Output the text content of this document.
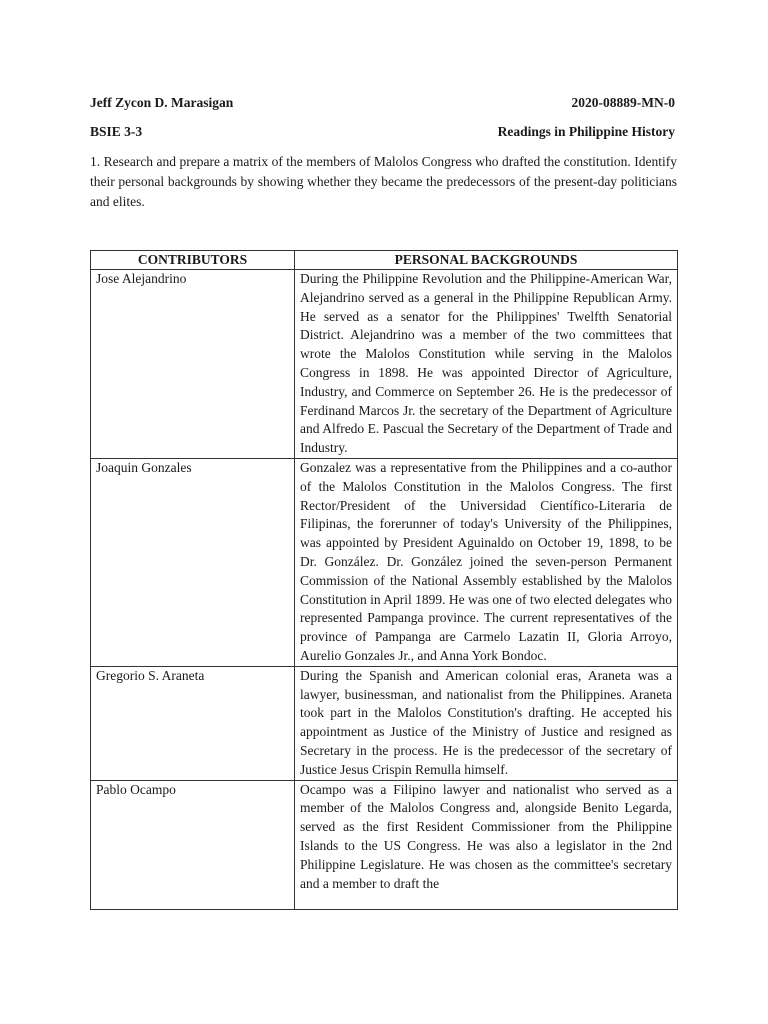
Jeff Zycon D. Marasigan	2020-08889-MN-0
BSIE 3-3	Readings in Philippine History
1. Research and prepare a matrix of the members of Malolos Congress who drafted the constitution. Identify their personal backgrounds by showing whether they became the predecessors of the present-day politicians and elites.
CONTRIBUTORS	PERSONAL BACKGROUNDS
Jose Alejandrino	During the Philippine Revolution and the Philippine-American War, Alejandrino served as a general in the Philippine Republican Army. He served as a senator for the Philippines' Twelfth Senatorial District. Alejandrino was a member of the two committees that wrote the Malolos Constitution while serving in the Malolos Congress in 1898. He was appointed Director of Agriculture, Industry, and Commerce on September 26. He is the predecessor of Ferdinand Marcos Jr. the secretary of the Department of Agriculture and Alfredo E. Pascual the Secretary of the Department of Trade and Industry.
Joaquin Gonzales	Gonzalez was a representative from the Philippines and a co-author of the Malolos Constitution in the Malolos Congress. The first Rector/President of the Universidad Científico-Literaria de Filipinas, the forerunner of today's University of the Philippines, was appointed by President Aguinaldo on October 19, 1898, to be Dr. González. Dr. González joined the seven-person Permanent Commission of the National Assembly established by the Malolos Constitution in April 1899. He was one of two elected delegates who represented Pampanga province. The current representatives of the province of Pampanga are Carmelo Lazatin II, Gloria Arroyo, Aurelio Gonzales Jr., and Anna York Bondoc.
Gregorio S. Araneta	During the Spanish and American colonial eras, Araneta was a lawyer, businessman, and nationalist from the Philippines. Araneta took part in the Malolos Constitution's drafting. He accepted his appointment as Justice of the Ministry of Justice and resigned as Secretary in the process. He is the predecessor of the secretary of Justice Jesus Crispin Remulla himself.
Pablo Ocampo	Ocampo was a Filipino lawyer and nationalist who served as a member of the Malolos Congress and, alongside Benito Legarda, served as the first Resident Commissioner from the Philippine Islands to the US Congress. He was also a legislator in the 2nd Philippine Legislature. He was chosen as the committee's secretary and a member to draft the
